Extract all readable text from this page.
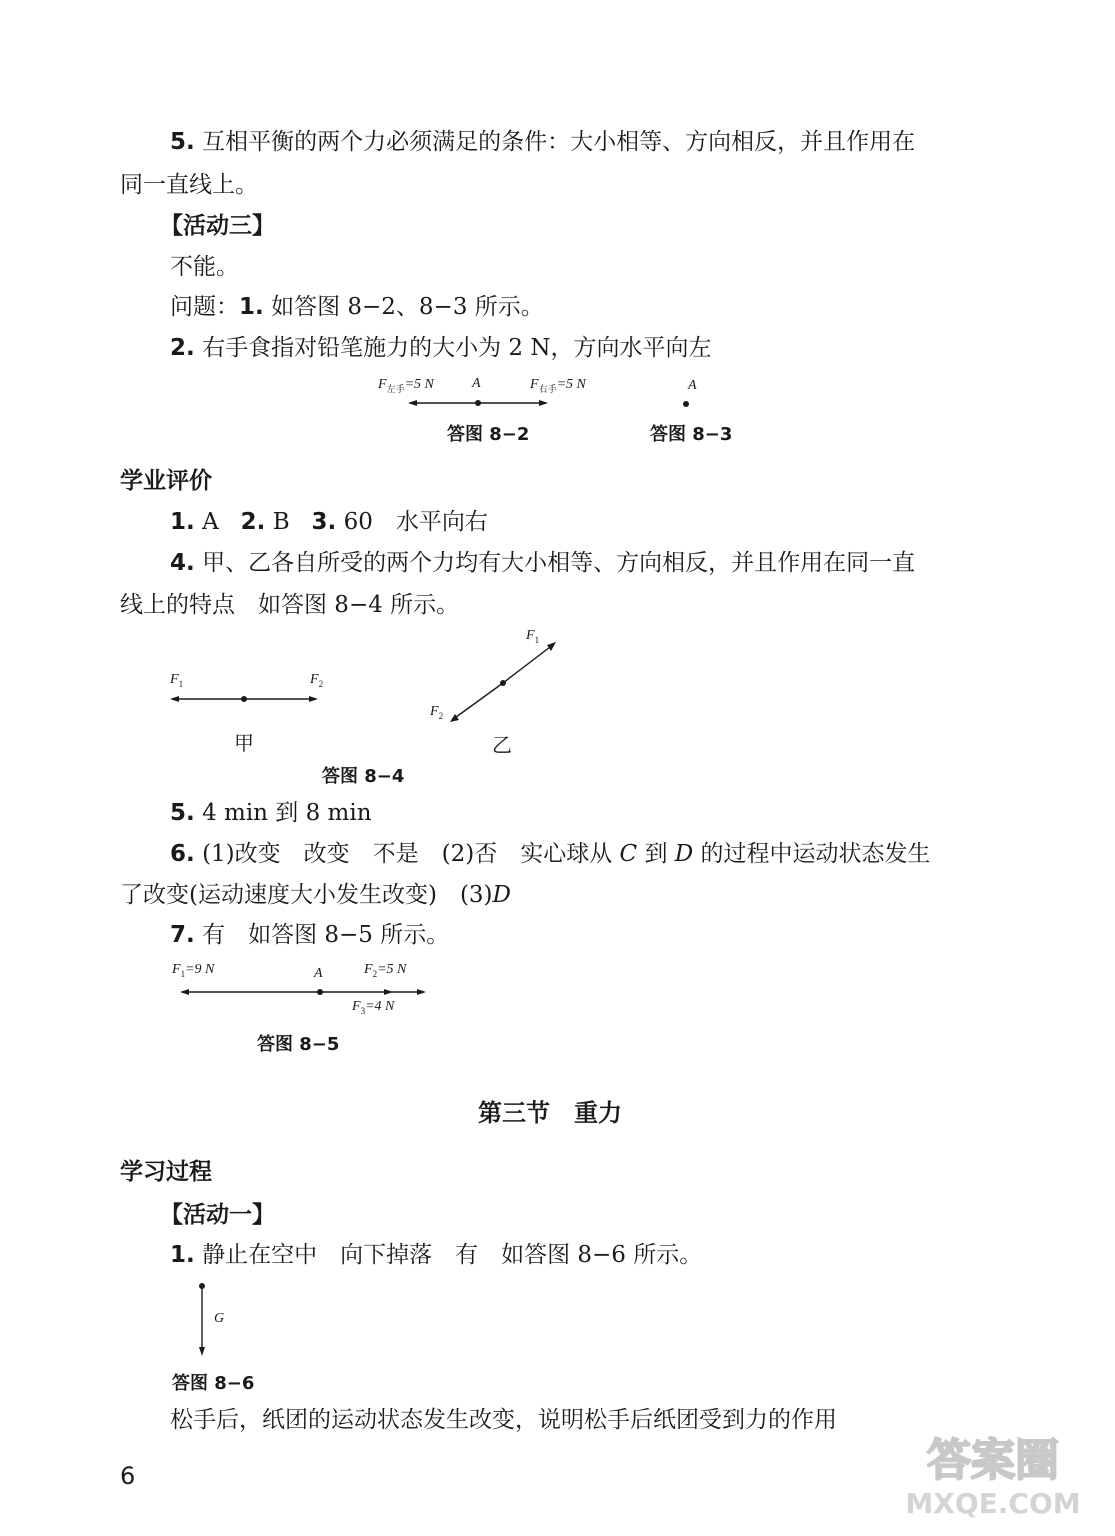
5. 互相平衡的两个力必须满足的条件：大小相等、方向相反，并且作用在
同一直线上。
【活动三】
不能。
问题：1. 如答图 8−2、8−3 所示。
2. 右手食指对铅笔施力的大小为 2 N，方向水平向左
$F_{左手}=5$ N	A	$F_{右手}=5$ N
答图 8−2
A
答图 8−3
学业评价
1. A 2. B 3. 60　水平向右
4. 甲、乙各自所受的两个力均有大小相等、方向相反，并且作用在同一直
线上的特点　如答图 8−4 所示。
$F_1$	$F_2$
$F_1$
$F_2$
甲	乙
答图 8−4
5. 4 min 到 8 min
6. (1)改变　改变　不是　(2)否　实心球从 C 到 D 的过程中运动状态发生
了改变(运动速度大小发生改变)　(3)D
7. 有　如答图 8−5 所示。
$F_1=9$ N	A	$F_2=5$ N
$F_3=4$ N
答图 8−5
第三节　重力
学习过程
【活动一】
1. 静止在空中　向下掉落　有　如答图 8−6 所示。
G
答图 8−6
松手后，纸团的运动状态发生改变，说明松手后纸团受到力的作用
6	答案圈
MXQE.COM
